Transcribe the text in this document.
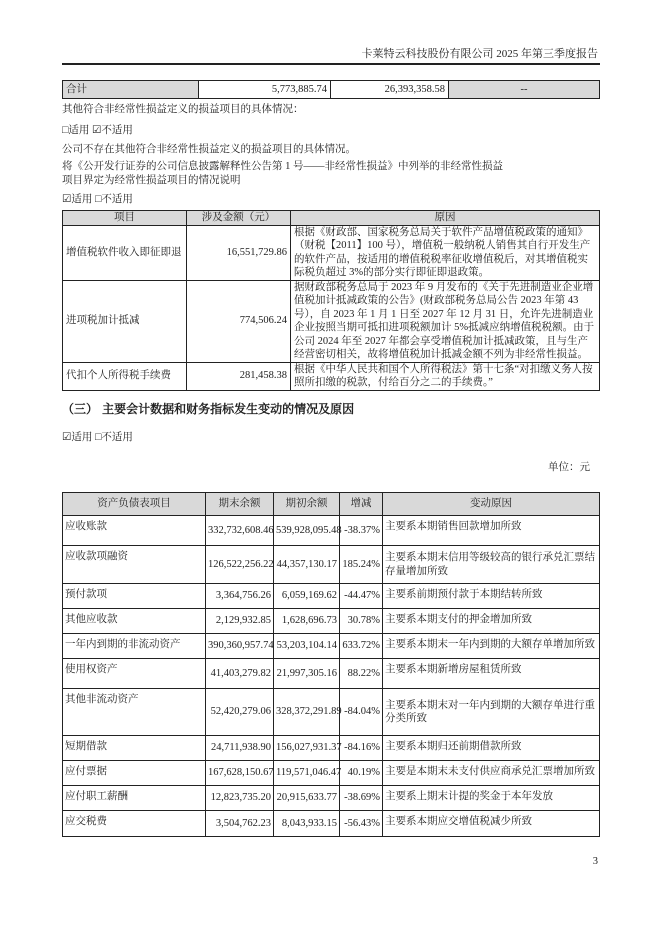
卡莱特云科技股份有限公司 2025 年第三季度报告
合计	5,773,885.74	26,393,358.58	--
其他符合非经常性损益定义的损益项目的具体情况：
□适用 ☑不适用
公司不存在其他符合非经常性损益定义的损益项目的具体情况。
将《公开发行证券的公司信息披露解释性公告第 1 号——非经常性损益》中列举的非经常性损益项目界定为经常性损益项目的情况说明
☑适用 □不适用
项目	涉及金额（元）	原因
增值税软件收入即征即退	16,551,729.86	根据《财政部、国家税务总局关于软件产品增值税政策的通知》（财税【2011】100 号），增值税一般纳税人销售其自行开发生产的软件产品，按适用的增值税税率征收增值税后，对其增值税实际税负超过 3%的部分实行即征即退政策。
进项税加计抵减	774,506.24	据财政部税务总局于 2023 年 9 月发布的《关于先进制造业企业增值税加计抵减政策的公告》(财政部税务总局公告 2023 年第 43 号），自 2023 年 1 月 1 日至 2027 年 12 月 31 日，允许先进制造业企业按照当期可抵扣进项税额加计 5%抵减应纳增值税税额。由于公司 2024 年至 2027 年都会享受增值税加计抵减政策，且与生产经营密切相关，故将增值税加计抵减金额不列为非经常性损益。
代扣个人所得税手续费	281,458.38	根据《中华人民共和国个人所得税法》第十七条“对扣缴义务人按照所扣缴的税款，付给百分之二的手续费。”
（三） 主要会计数据和财务指标发生变动的情况及原因
☑适用 □不适用
单位：元
资产负债表项目	期末余额	期初余额	增减	变动原因
应收账款	332,732,608.46	539,928,095.48	-38.37%	主要系本期销售回款增加所致
应收款项融资	126,522,256.22	44,357,130.17	185.24%	主要系本期末信用等级较高的银行承兑汇票结存量增加所致
预付款项	3,364,756.26	6,059,169.62	-44.47%	主要系前期预付款于本期结转所致
其他应收款	2,129,932.85	1,628,696.73	30.78%	主要系本期支付的押金增加所致
一年内到期的非流动资产	390,360,957.74	53,203,104.14	633.72%	主要系本期末一年内到期的大额存单增加所致
使用权资产	41,403,279.82	21,997,305.16	88.22%	主要系本期新增房屋租赁所致
其他非流动资产	52,420,279.06	328,372,291.89	-84.04%	主要系本期末对一年内到期的大额存单进行重分类所致
短期借款	24,711,938.90	156,027,931.37	-84.16%	主要系本期归还前期借款所致
应付票据	167,628,150.67	119,571,046.47	40.19%	主要是本期末未支付供应商承兑汇票增加所致
应付职工薪酬	12,823,735.20	20,915,633.77	-38.69%	主要系上期末计提的奖金于本年发放
应交税费	3,504,762.23	8,043,933.15	-56.43%	主要系本期应交增值税减少所致
3
